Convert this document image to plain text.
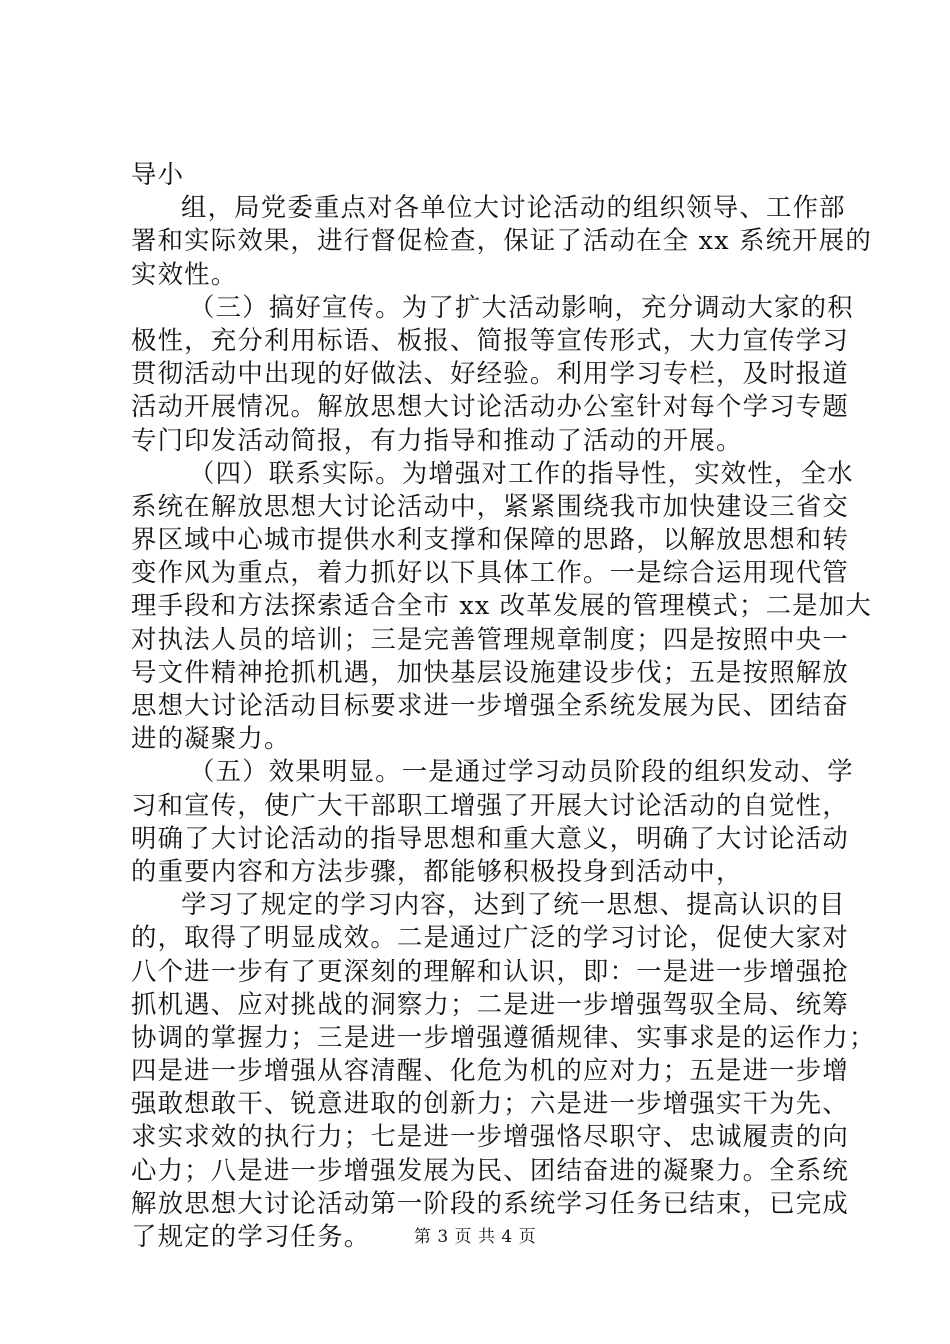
导小
组，局党委重点对各单位大讨论活动的组织领导、工作部
署和实际效果，进行督促检查，保证了活动在全 xx 系统开展的
实效性。
（三）搞好宣传。为了扩大活动影响，充分调动大家的积
极性，充分利用标语、板报、简报等宣传形式，大力宣传学习
贯彻活动中出现的好做法、好经验。利用学习专栏，及时报道
活动开展情况。解放思想大讨论活动办公室针对每个学习专题
专门印发活动简报，有力指导和推动了活动的开展。
（四）联系实际。为增强对工作的指导性，实效性，全水
系统在解放思想大讨论活动中，紧紧围绕我市加快建设三省交
界区域中心城市提供水利支撑和保障的思路，以解放思想和转
变作风为重点，着力抓好以下具体工作。一是综合运用现代管
理手段和方法探索适合全市 xx 改革发展的管理模式；二是加大
对执法人员的培训；三是完善管理规章制度；四是按照中央一
号文件精神抢抓机遇，加快基层设施建设步伐；五是按照解放
思想大讨论活动目标要求进一步增强全系统发展为民、团结奋
进的凝聚力。
（五）效果明显。一是通过学习动员阶段的组织发动、学
习和宣传，使广大干部职工增强了开展大讨论活动的自觉性，
明确了大讨论活动的指导思想和重大意义，明确了大讨论活动
的重要内容和方法步骤，都能够积极投身到活动中，
学习了规定的学习内容，达到了统一思想、提高认识的目
的，取得了明显成效。二是通过广泛的学习讨论，促使大家对
八个进一步有了更深刻的理解和认识，即：一是进一步增强抢
抓机遇、应对挑战的洞察力；二是进一步增强驾驭全局、统筹
协调的掌握力；三是进一步增强遵循规律、实事求是的运作力；
四是进一步增强从容清醒、化危为机的应对力；五是进一步增
强敢想敢干、锐意进取的创新力；六是进一步增强实干为先、
求实求效的执行力；七是进一步增强恪尽职守、忠诚履责的向
心力；八是进一步增强发展为民、团结奋进的凝聚力。全系统
解放思想大讨论活动第一阶段的系统学习任务已结束，已完成
了规定的学习任务。	第 3 页 共 4 页
